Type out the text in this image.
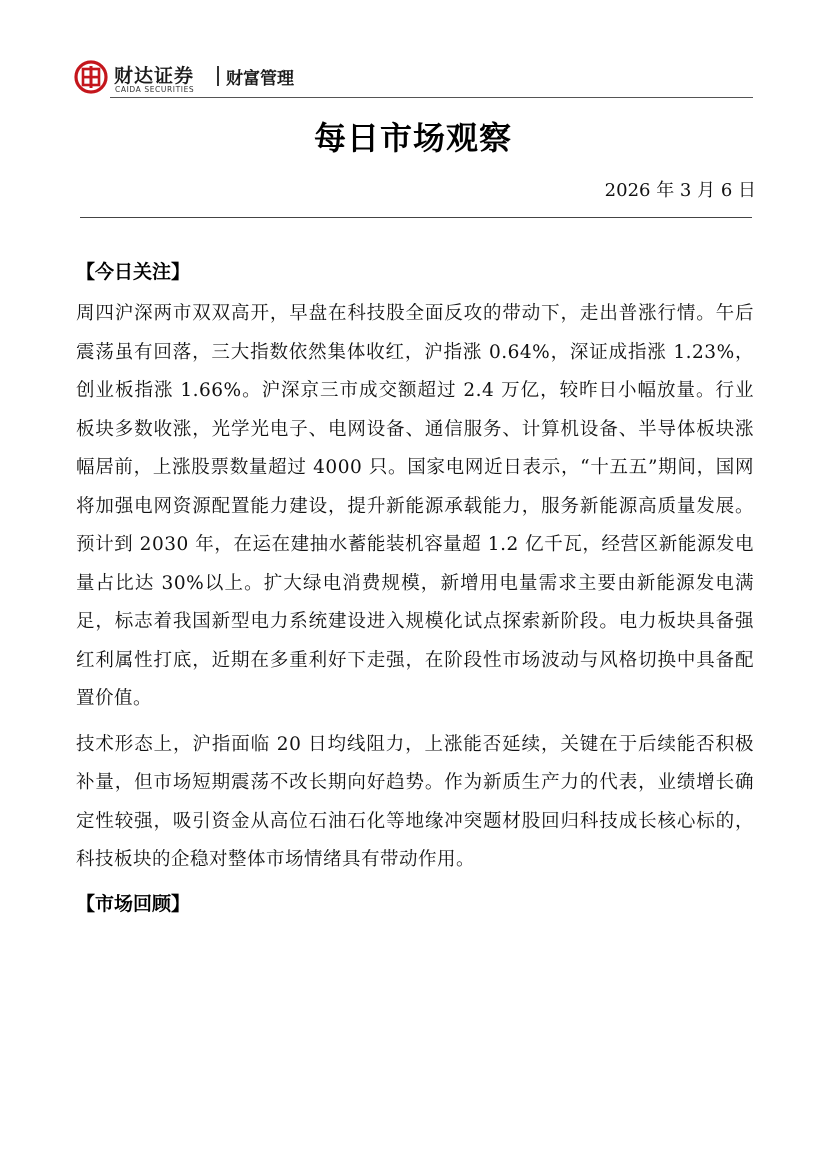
财达证券
CAIDA SECURITIES
财富管理
每日市场观察
2026 年 3 月 6 日
【今日关注】

周四沪深两市双双高开，早盘在科技股全面反攻的带动下，走出普涨行情。午后震荡虽有回落，三大指数依然集体收红，沪指涨 0.64%，深证成指涨 1.23%，创业板指涨 1.66%。沪深京三市成交额超过 2.4 万亿，较昨日小幅放量。行业板块多数收涨，光学光电子、电网设备、通信服务、计算机设备、半导体板块涨幅居前，上涨股票数量超过 4000 只。国家电网近日表示，“十五五”期间，国网将加强电网资源配置能力建设，提升新能源承载能力，服务新能源高质量发展。预计到 2030 年，在运在建抽水蓄能装机容量超 1.2 亿千瓦，经营区新能源发电量占比达 30%以上。扩大绿电消费规模，新增用电量需求主要由新能源发电满足，标志着我国新型电力系统建设进入规模化试点探索新阶段。电力板块具备强红利属性打底，近期在多重利好下走强，在阶段性市场波动与风格切换中具备配置价值。

技术形态上，沪指面临 20 日均线阻力，上涨能否延续，关键在于后续能否积极补量，但市场短期震荡不改长期向好趋势。作为新质生产力的代表，业绩增长确定性较强，吸引资金从高位石油石化等地缘冲突题材股回归科技成长核心标的，科技板块的企稳对整体市场情绪具有带动作用。

【市场回顾】
